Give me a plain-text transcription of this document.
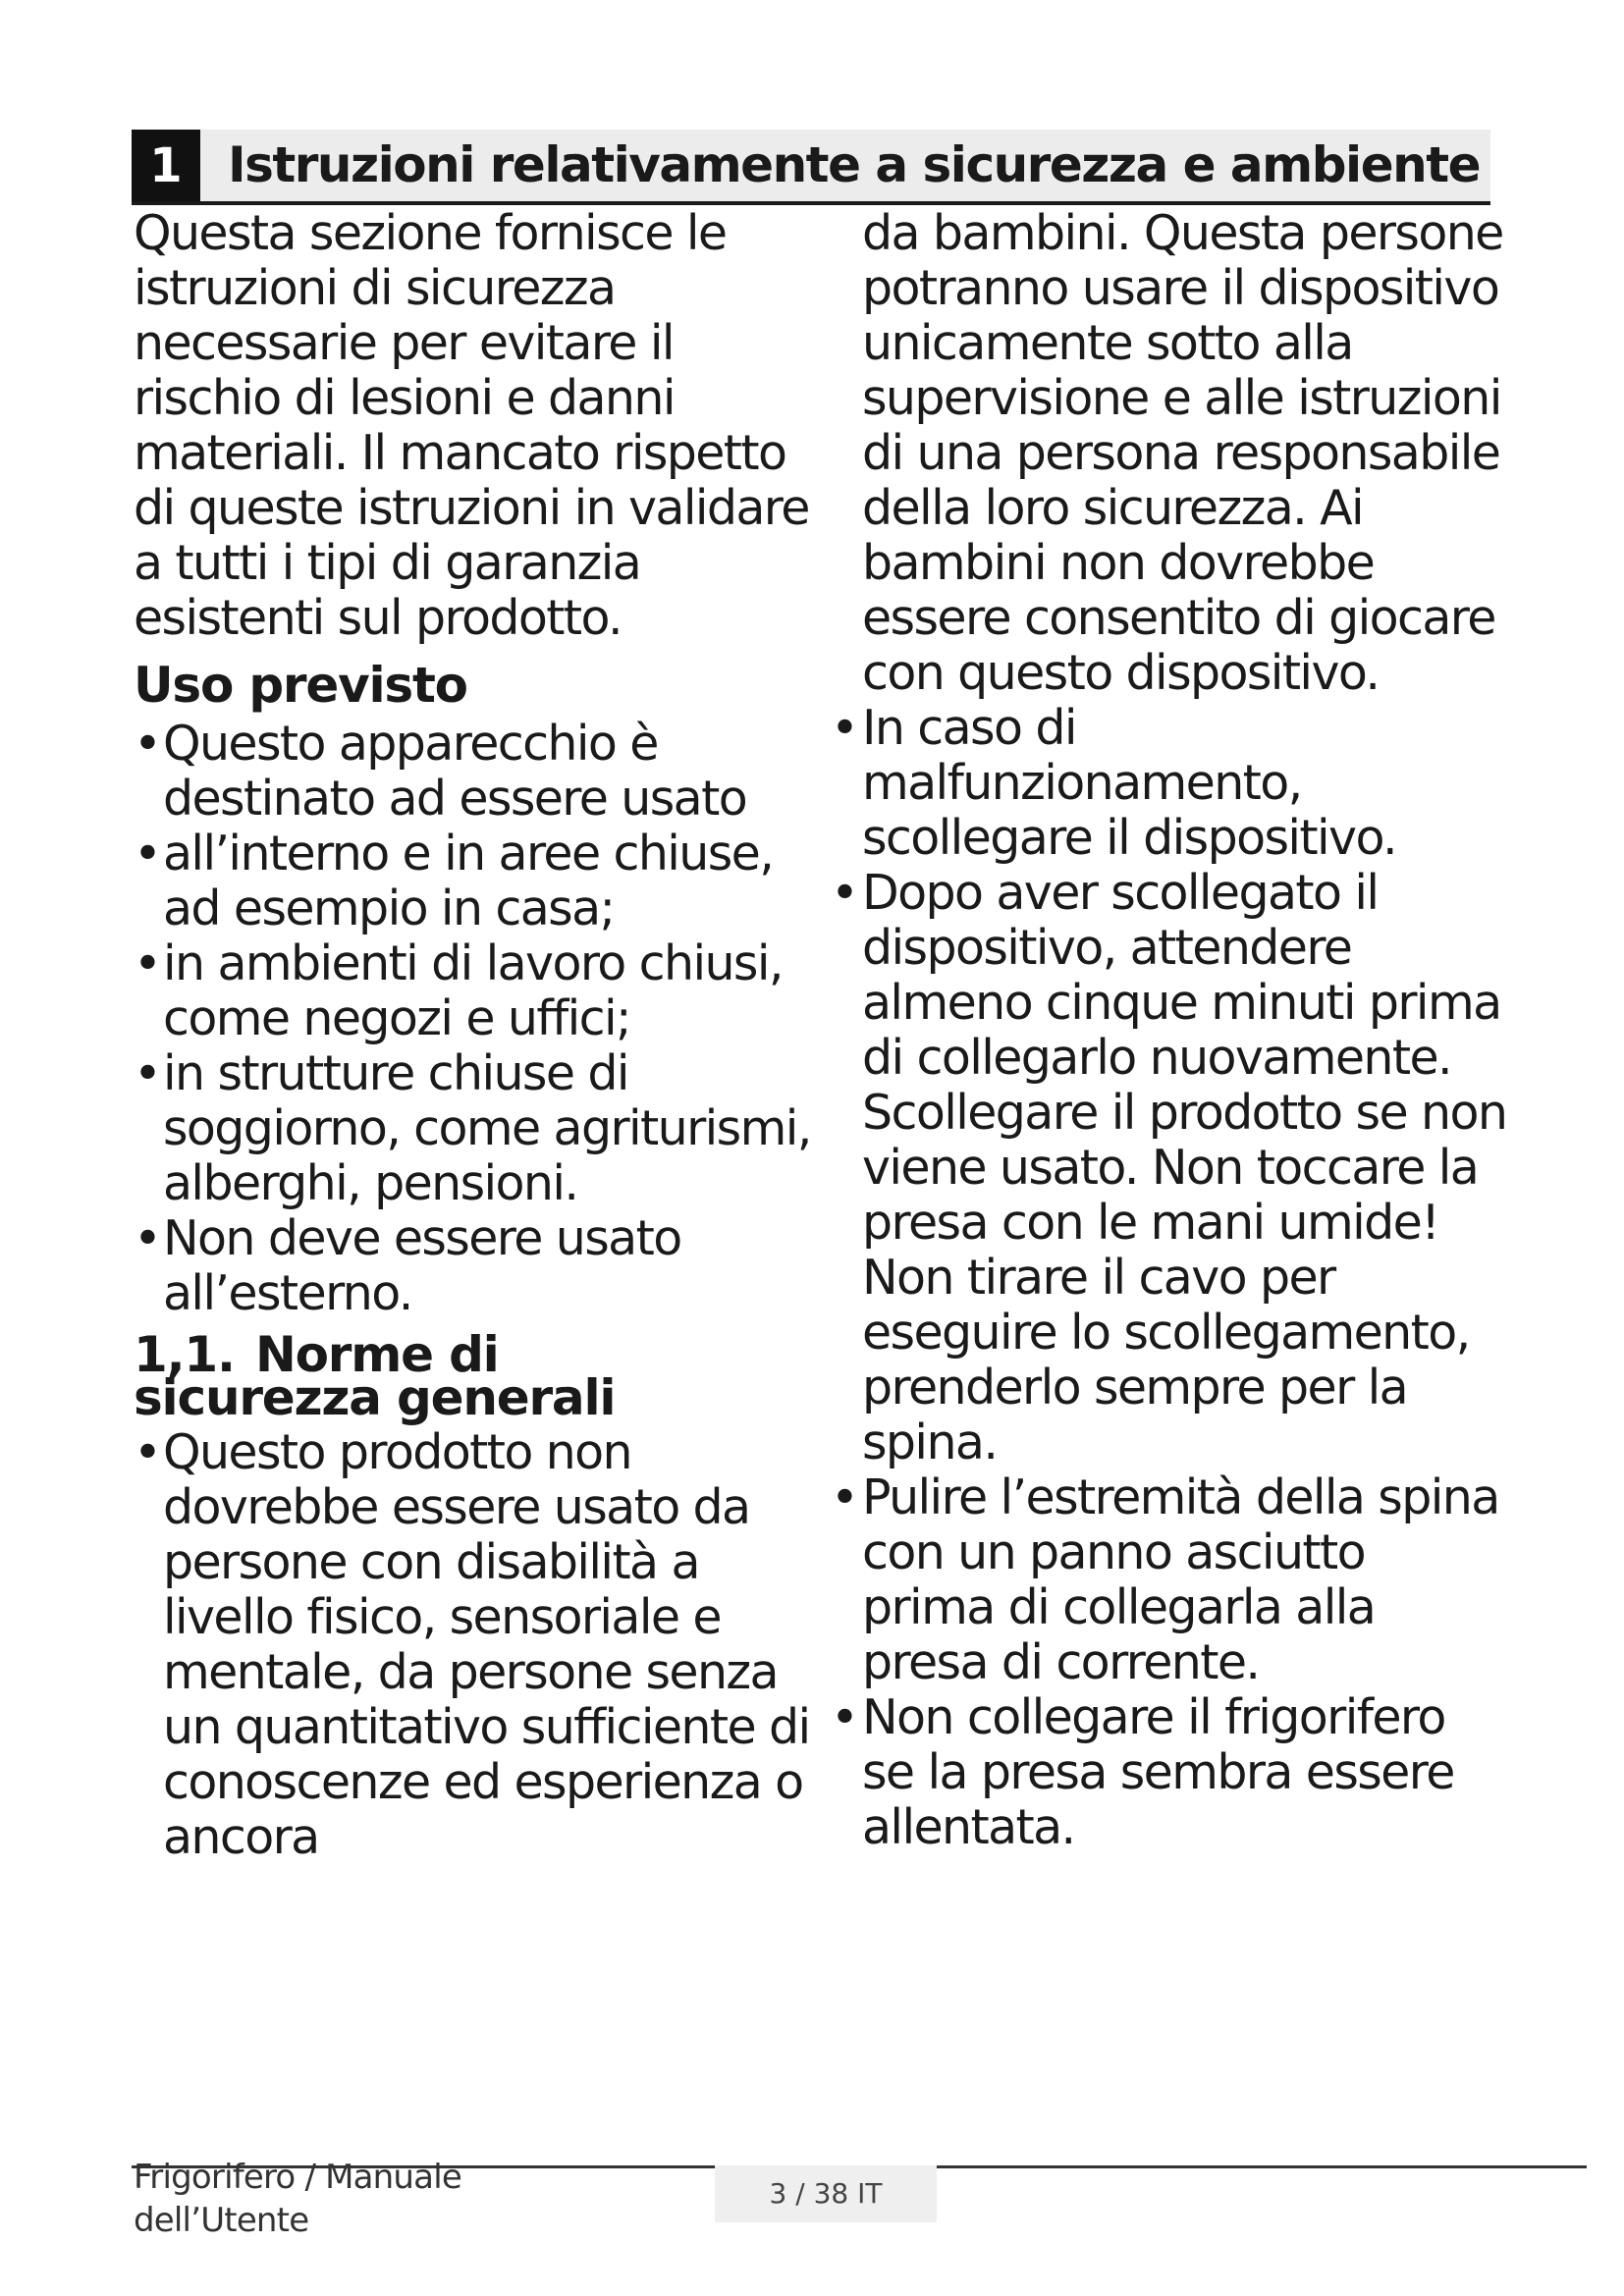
1 Istruzioni relativamente a sicurezza e ambiente

Questa sezione fornisce le istruzioni di sicurezza necessarie per evitare il rischio di lesioni e danni materiali. Il mancato rispetto di queste istruzioni in validare a tutti i tipi di garanzia esistenti sul prodotto.

Uso previsto
• Questo apparecchio è destinato ad essere usato
• all’interno e in aree chiuse, ad esempio in casa;
• in ambienti di lavoro chiusi, come negozi e uffici;
• in strutture chiuse di soggiorno, come agriturismi, alberghi, pensioni.
• Non deve essere usato all’esterno.
1,1. Norme di
sicurezza generali
• Questo prodotto non dovrebbe essere usato da persone con disabilità a livello fisico, sensoriale e mentale, da persone senza un quantitativo sufficiente di conoscenze ed esperienza o ancora

da bambini. Questa persone potranno usare il dispositivo unicamente sotto alla supervisione e alle istruzioni di una persona responsabile della loro sicurezza. Ai bambini non dovrebbe essere consentito di giocare con questo dispositivo.

• In caso di malfunzionamento, scollegare il dispositivo.
• Dopo aver scollegato il dispositivo, attendere almeno cinque minuti prima di collegarlo nuovamente. Scollegare il prodotto se non viene usato. Non toccare la presa con le mani umide! Non tirare il cavo per eseguire lo scollegamento, prenderlo sempre per la spina.
• Pulire l’estremità della spina con un panno asciutto prima di collegarla alla presa di corrente.
• Non collegare il frigorifero se la presa sembra essere allentata.
Frigorifero / Manuale
dell’Utente
3 / 38 IT
